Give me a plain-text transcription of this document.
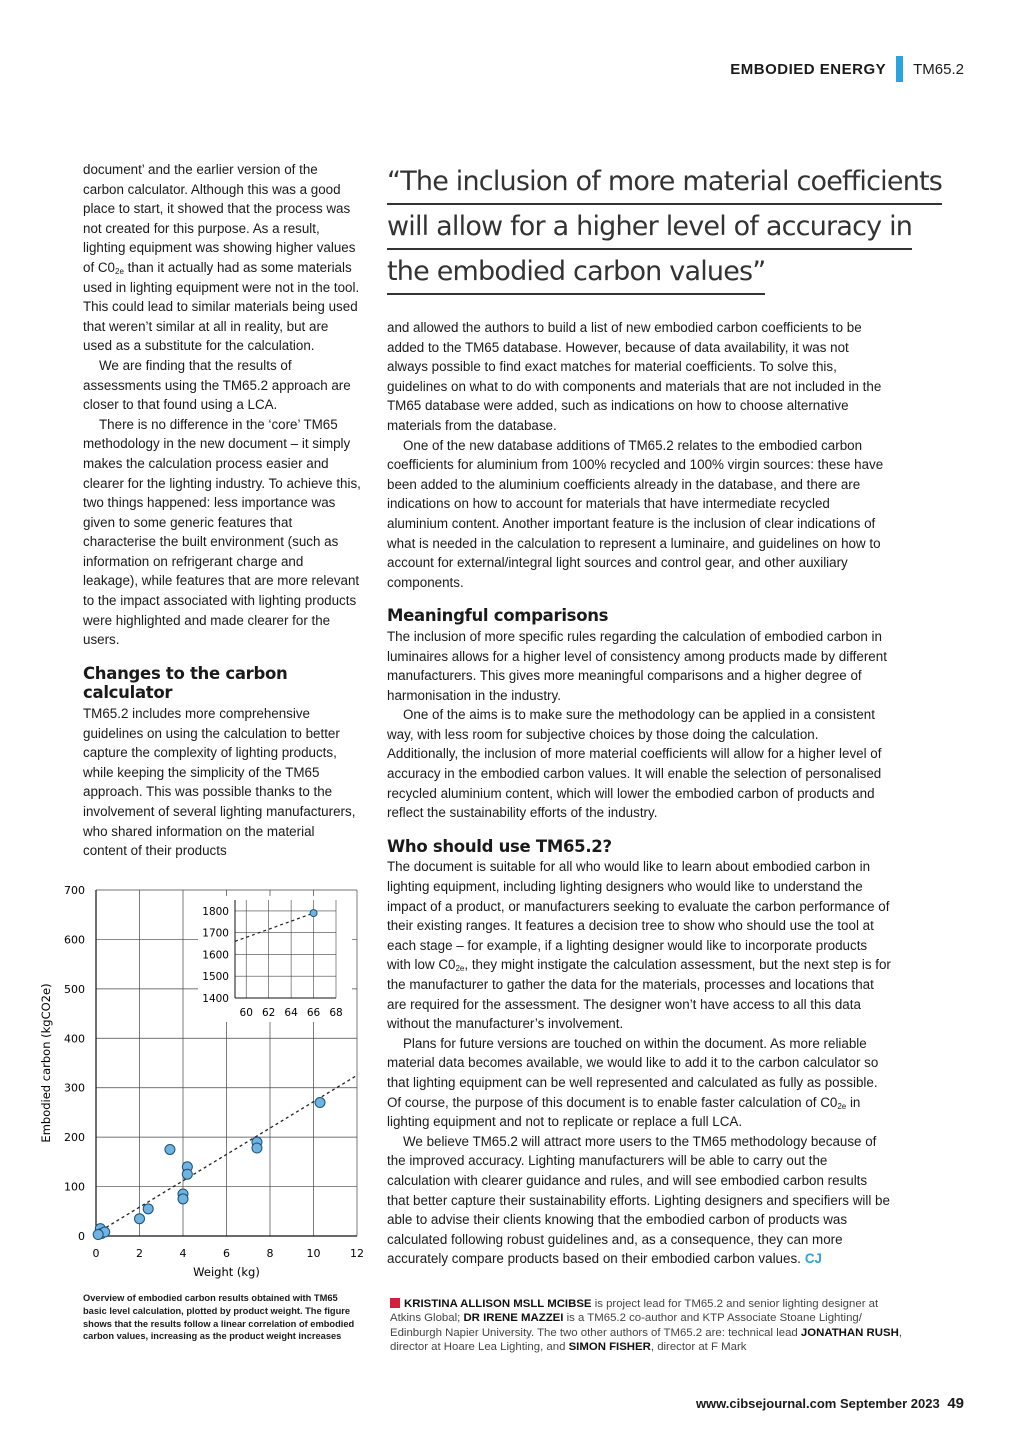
EMBODIED ENERGY TM65.2

document’ and the earlier version of the carbon calculator. Although this was a good place to start, it showed that the process was not created for this purpose. As a result, lighting equipment was showing higher values of $C0_{2e}$ than it actually had as some materials used in lighting equipment were not in the tool. This could lead to similar materials being used that weren’t similar at all in reality, but are used as a substitute for the calculation.

We are finding that the results of assessments using the TM65.2 approach are closer to that found using a LCA.

There is no difference in the ‘core’ TM65 methodology in the new document – it simply makes the calculation process easier and clearer for the lighting industry. To achieve this, two things happened: less importance was given to some generic features that characterise the built environment (such as information on refrigerant charge and leakage), while features that are more relevant to the impact associated with lighting products were highlighted and made clearer for the users.

Changes to the carbon calculator

TM65.2 includes more comprehensive guidelines on using the calculation to better capture the complexity of lighting products, while keeping the simplicity of the TM65 approach. This was possible thanks to the involvement of several lighting manufacturers, who shared information on the material content of their products

“The inclusion of more material coefficients
will allow for a higher level of accuracy in
the embodied carbon values”

and allowed the authors to build a list of new embodied carbon coefficients to be added to the TM65 database. However, because of data availability, it was not always possible to find exact matches for material coefficients. To solve this, guidelines on what to do with components and materials that are not included in the TM65 database were added, such as indications on how to choose alternative materials from the database.

One of the new database additions of TM65.2 relates to the embodied carbon coefficients for aluminium from 100% recycled and 100% virgin sources: these have been added to the aluminium coefficients already in the database, and there are indications on how to account for materials that have intermediate recycled aluminium content. Another important feature is the inclusion of clear indications of what is needed in the calculation to represent a luminaire, and guidelines on how to account for external/integral light sources and control gear, and other auxiliary components.

Meaningful comparisons

The inclusion of more specific rules regarding the calculation of embodied carbon in luminaires allows for a higher level of consistency among products made by different manufacturers. This gives more meaningful comparisons and a higher degree of harmonisation in the industry.

One of the aims is to make sure the methodology can be applied in a consistent way, with less room for subjective choices by those doing the calculation. Additionally, the inclusion of more material coefficients will allow for a higher level of accuracy in the embodied carbon values. It will enable the selection of personalised recycled aluminium content, which will lower the embodied carbon of products and reflect the sustainability efforts of the industry.

Who should use TM65.2?

The document is suitable for all who would like to learn about embodied carbon in lighting equipment, including lighting designers who would like to understand the impact of a product, or manufacturers seeking to evaluate the carbon performance of their existing ranges. It features a decision tree to show who should use the tool at each stage – for example, if a lighting designer would like to incorporate products with low $C0_{2e}$, they might instigate the calculation assessment, but the next step is for the manufacturer to gather the data for the materials, processes and locations that are required for the assessment. The designer won’t have access to all this data without the manufacturer’s involvement.

Plans for future versions are touched on within the document. As more reliable material data becomes available, we would like to add it to the carbon calculator so that lighting equipment can be well represented and calculated as fully as possible. Of course, the purpose of this document is to enable faster calculation of $C0_{2e}$ in lighting equipment and not to replicate or replace a full LCA.

We believe TM65.2 will attract more users to the TM65 methodology because of the improved accuracy. Lighting manufacturers will be able to carry out the calculation with clearer guidance and rules, and will see embodied carbon results that better capture their sustainability efforts. Lighting designers and specifiers will be able to advise their clients knowing that the embodied carbon of products was calculated following robust guidelines and, as a consequence, they can more accurately compare products based on their embodied carbon values. CJ

0	2	4	6	8	10	12
0
100
200
300
400
500
600
700
Weight (kg)
Embodied carbon (kgCO2e)	60 62 64 66 68
1400
1500
1600
1700
1800
Overview of embodied carbon results obtained with TM65 basic level calculation, plotted by product weight. The figure shows that the results follow a linear correlation of embodied carbon values, increasing as the product weight increases
KRISTINA ALLISON MSLL MCIBSE is project lead for TM65.2 and senior lighting designer at Atkins Global; DR IRENE MAZZEI is a TM65.2 co-author and KTP Associate Stoane Lighting/ Edinburgh Napier University. The two other authors of TM65.2 are: technical lead JONATHAN RUSH, director at Hoare Lea Lighting, and SIMON FISHER, director at F Mark
www.cibsejournal.com September 2023 49
